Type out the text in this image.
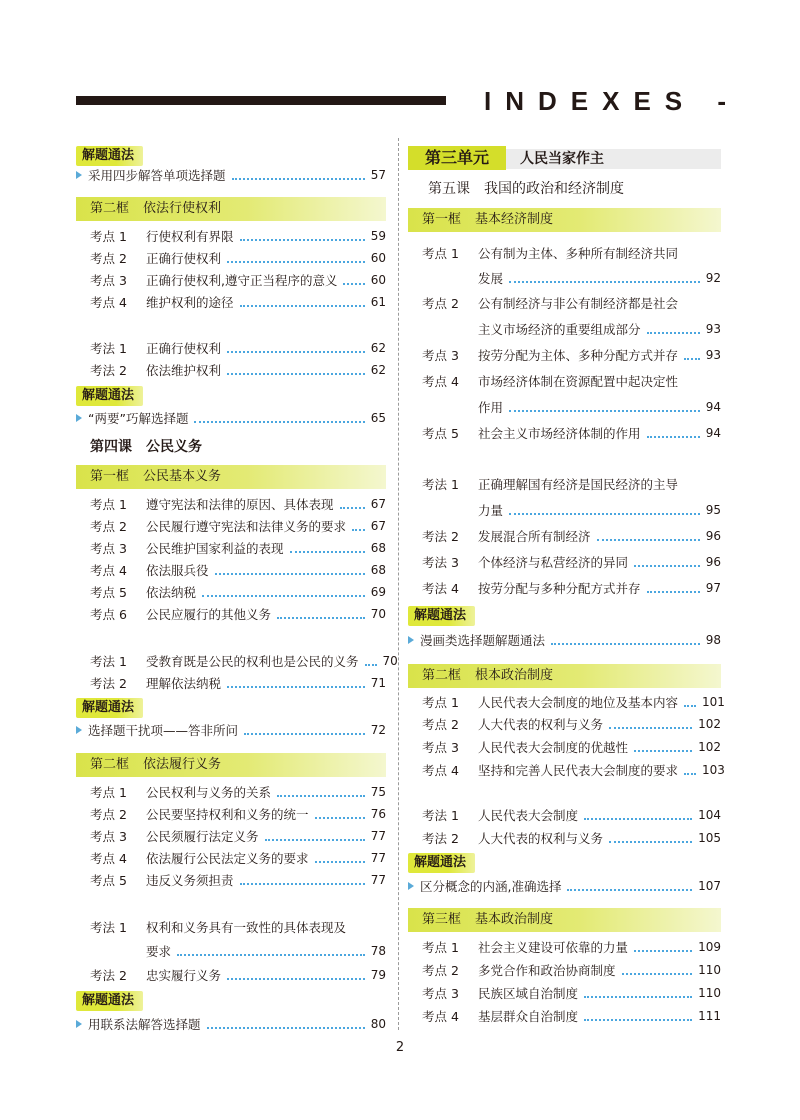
INDEXES -
解题通法
采用四步解答单项选择题	57
第二框 依法行使权利
考点 1	行使权利有界限	59
考点 2	正确行使权利	60
考点 3	正确行使权利,遵守正当程序的意义	60
考点 4	维护权利的途径	61
考法 1	正确行使权利	62
考法 2	依法维护权利	62
解题通法
“两要”巧解选择题	65
第四课 公民义务
第一框 公民基本义务
考点 1	遵守宪法和法律的原因、具体表现	67
考点 2	公民履行遵守宪法和法律义务的要求 67
考点 3	公民维护国家利益的表现	68
考点 4	依法服兵役	68
考点 5	依法纳税	69
考点 6	公民应履行的其他义务	70
考法 1	受教育既是公民的权利也是公民的义务 70
考法 2	理解依法纳税	71
解题通法
选择题干扰项——答非所问	72
第二框 依法履行义务
考点 1	公民权利与义务的关系	75
考点 2	公民要坚持权利和义务的统一	76
考点 3	公民须履行法定义务	77
考点 4	依法履行公民法定义务的要求	77
考点 5	违反义务须担责	77
考法 1	权利和义务具有一致性的具体表现及
要求	78
考法 2	忠实履行义务	79
解题通法
用联系法解答选择题	80
第三单元	人民当家作主
第五课 我国的政治和经济制度
第一框 基本经济制度
考点 1	公有制为主体、多种所有制经济共同
发展	92
考点 2	公有制经济与非公有制经济都是社会
主义市场经济的重要组成部分	93
考点 3	按劳分配为主体、多种分配方式并存 93
考点 4	市场经济体制在资源配置中起决定性
作用	94
考点 5	社会主义市场经济体制的作用	94
考法 1	正确理解国有经济是国民经济的主导
力量	95
考法 2	发展混合所有制经济	96
考法 3	个体经济与私营经济的异同	96
考法 4	按劳分配与多种分配方式并存	97
解题通法
漫画类选择题解题通法	98
第二框 根本政治制度
考点 1	人民代表大会制度的地位及基本内容 101
考点 2	人大代表的权利与义务	102
考点 3	人民代表大会制度的优越性	102
考点 4	坚持和完善人民代表大会制度的要求 103
考法 1	人民代表大会制度	104
考法 2	人大代表的权利与义务	105
解题通法
区分概念的内涵,准确选择	107
第三框 基本政治制度
考点 1	社会主义建设可依靠的力量	109
考点 2	多党合作和政治协商制度	110
考点 3	民族区域自治制度	110
考点 4	基层群众自治制度	111
2
